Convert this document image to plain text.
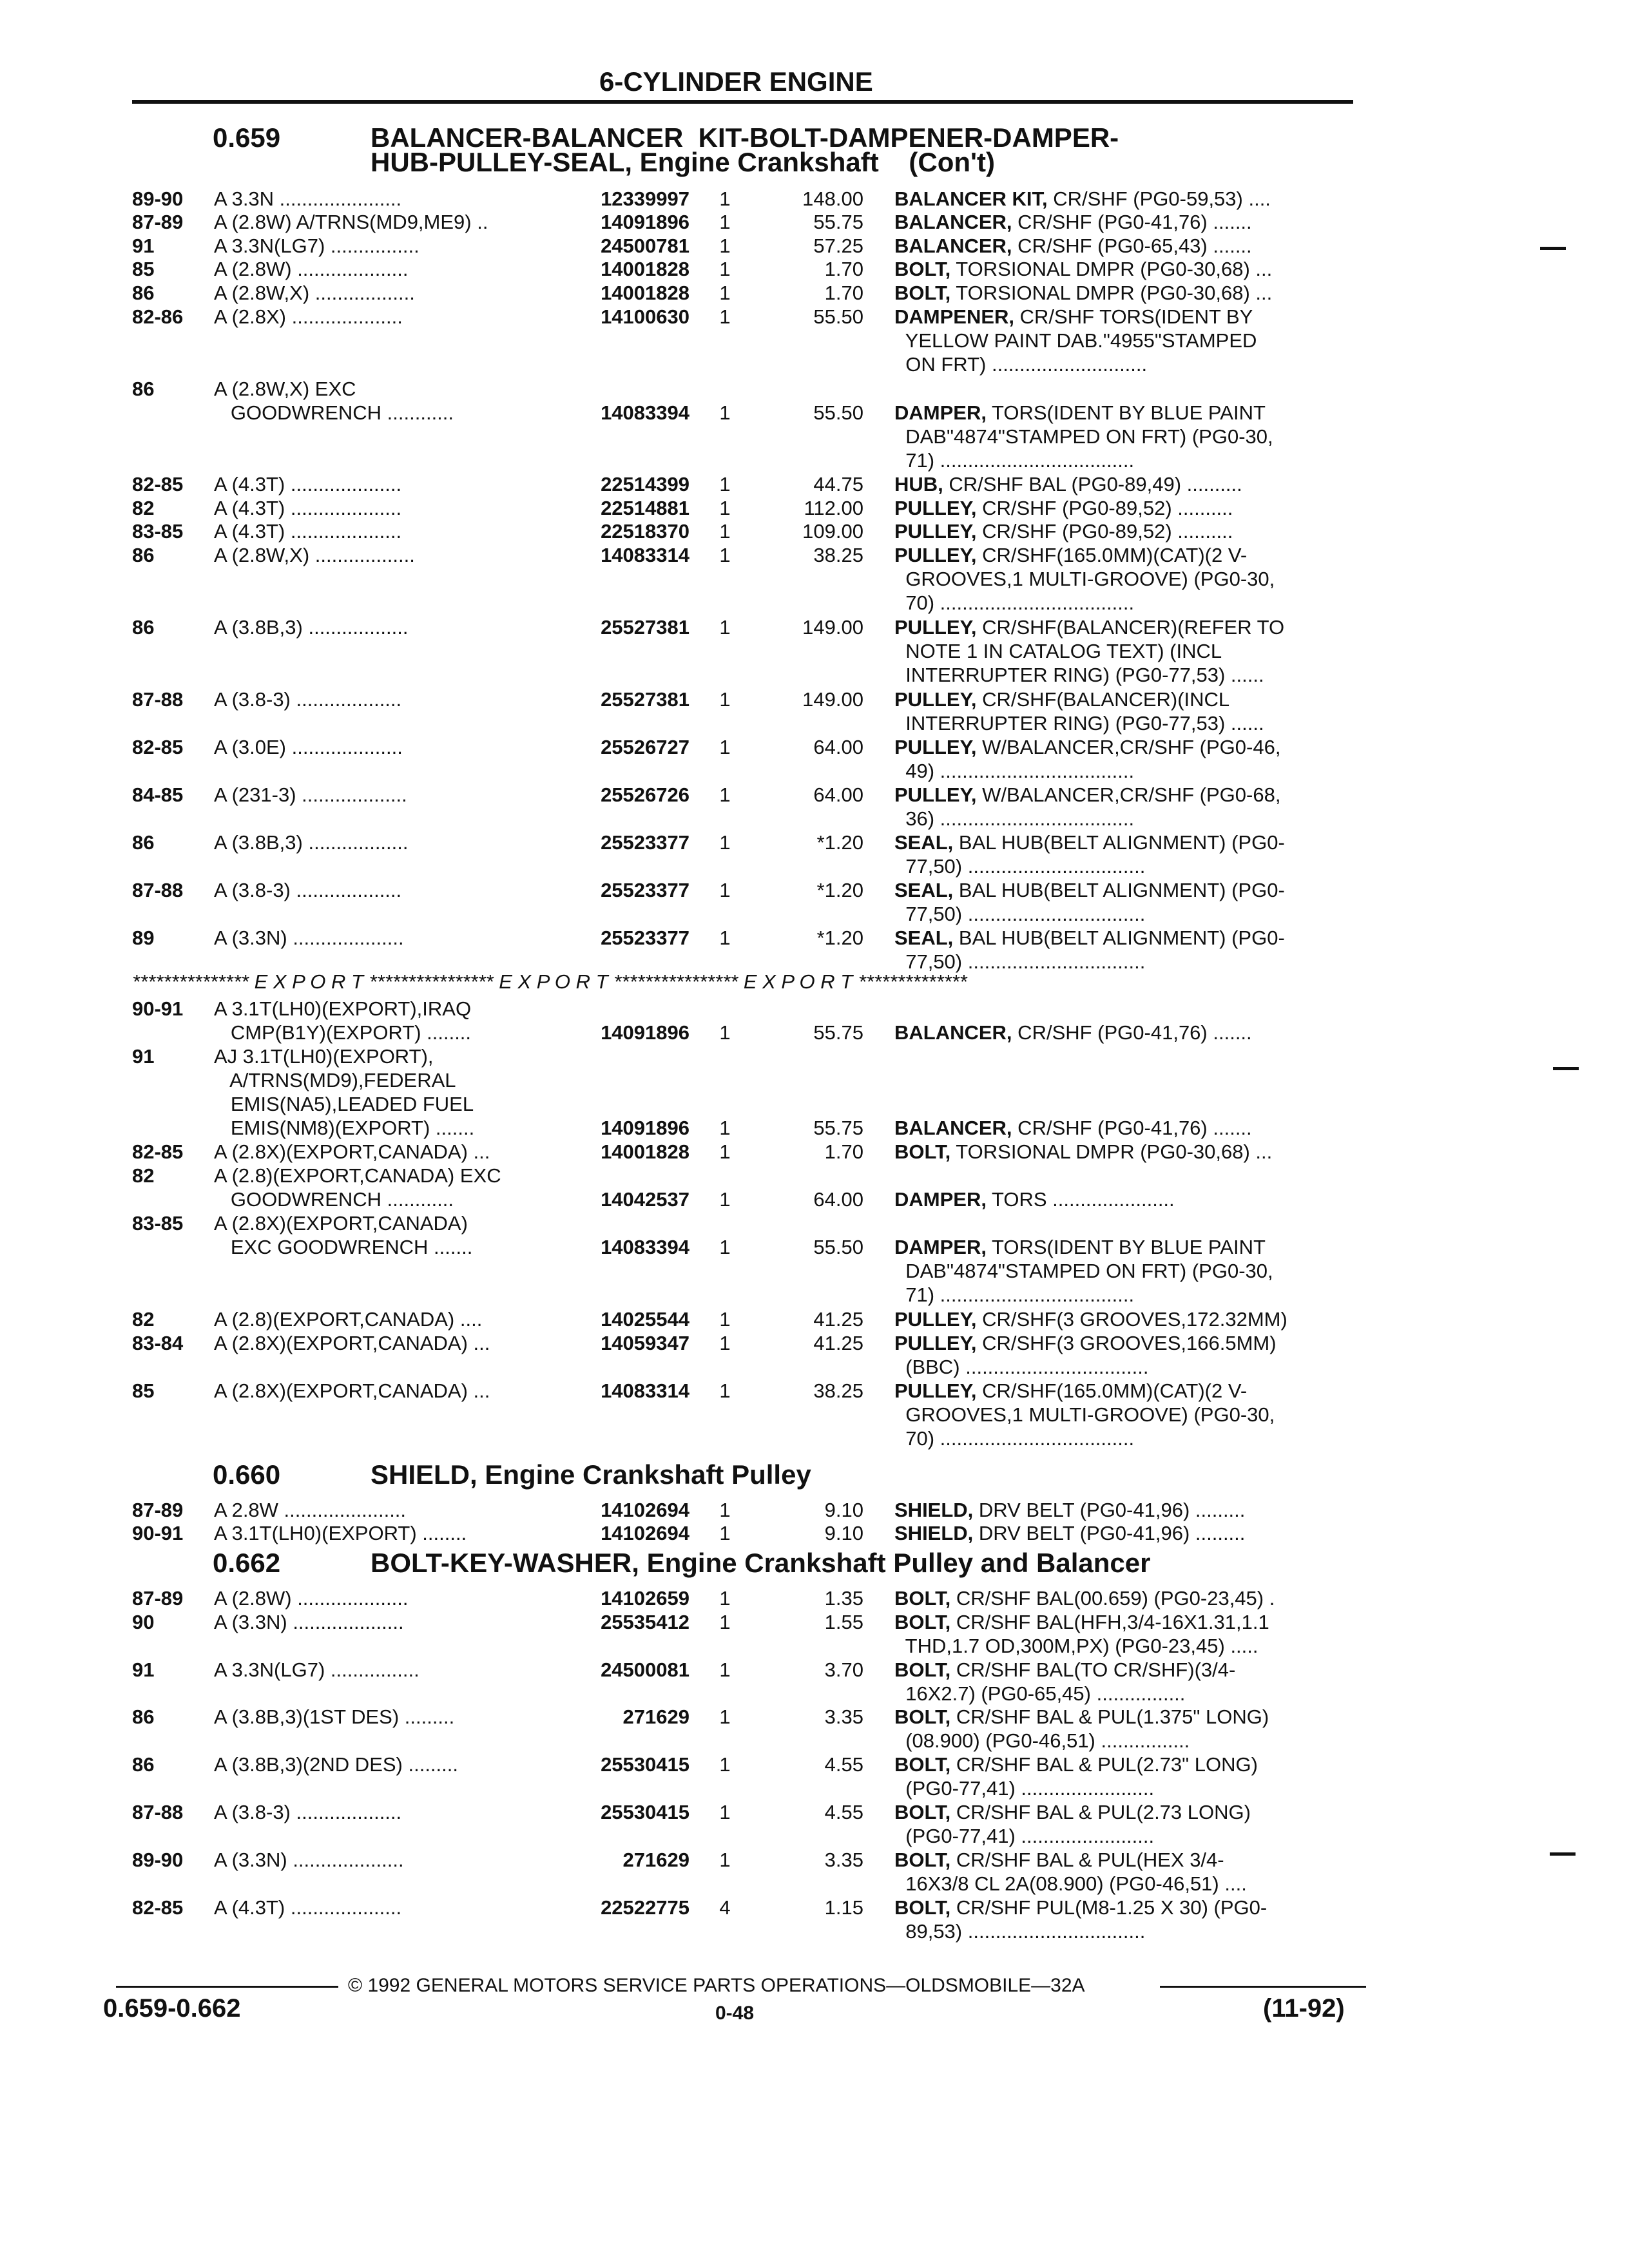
6-CYLINDER ENGINE
0.659	BALANCER-BALANCER  KIT-BOLT-DAMPENER-DAMPER-
HUB-PULLEY-SEAL, Engine Crankshaft    (Con't)
89-90 A 3.3N ......................	12339997 1	148.00 BALANCER KIT, CR/SHF (PG0-59,53) ....
87-89 A (2.8W) A/TRNS(MD9,ME9) ..	14091896 1	55.75 BALANCER, CR/SHF (PG0-41,76) .......
91	A 3.3N(LG7) ................	24500781 1	57.25 BALANCER, CR/SHF (PG0-65,43) .......
85	A (2.8W) ....................	14001828 1	1.70 BOLT, TORSIONAL DMPR (PG0-30,68) ...
86	A (2.8W,X) ..................	14001828 1	1.70 BOLT, TORSIONAL DMPR (PG0-30,68) ...
82-86 A (2.8X) ....................	14100630 1	55.50 DAMPENER, CR/SHF TORS(IDENT BY
YELLOW PAINT DAB."4955"STAMPED
ON FRT) ............................
86	A (2.8W,X) EXC
GOODWRENCH ............	14083394 1	55.50 DAMPER, TORS(IDENT BY BLUE PAINT
DAB"4874"STAMPED ON FRT) (PG0-30,
71) ...................................
82-85 A (4.3T) ....................	22514399 1	44.75 HUB, CR/SHF BAL (PG0-89,49) ..........
82	A (4.3T) ....................	22514881 1	112.00 PULLEY, CR/SHF (PG0-89,52) ..........
83-85 A (4.3T) ....................	22518370 1	109.00 PULLEY, CR/SHF (PG0-89,52) ..........
86	A (2.8W,X) ..................	14083314 1	38.25 PULLEY, CR/SHF(165.0MM)(CAT)(2 V-
GROOVES,1 MULTI-GROOVE) (PG0-30,
70) ...................................
86	A (3.8B,3) ..................	25527381 1	149.00 PULLEY, CR/SHF(BALANCER)(REFER TO
NOTE 1 IN CATALOG TEXT) (INCL
INTERRUPTER RING) (PG0-77,53) ......
87-88 A (3.8-3) ...................	25527381 1	149.00 PULLEY, CR/SHF(BALANCER)(INCL
INTERRUPTER RING) (PG0-77,53) ......
82-85 A (3.0E) ....................	25526727 1	64.00 PULLEY, W/BALANCER,CR/SHF (PG0-46,
49) ...................................
84-85 A (231-3) ...................	25526726 1	64.00 PULLEY, W/BALANCER,CR/SHF (PG0-68,
36) ...................................
86	A (3.8B,3) ..................	25523377 1	*1.20 SEAL, BAL HUB(BELT ALIGNMENT) (PG0-
77,50) ................................
87-88 A (3.8-3) ...................	25523377 1	*1.20 SEAL, BAL HUB(BELT ALIGNMENT) (PG0-
77,50) ................................
89	A (3.3N) ....................	25523377 1	*1.20 SEAL, BAL HUB(BELT ALIGNMENT) (PG0-
77,50) ................................
*************** E X P O R T **************** E X P O R T **************** E X P O R T **************
90-91 A 3.1T(LH0)(EXPORT),IRAQ
CMP(B1Y)(EXPORT) ........	14091896 1	55.75 BALANCER, CR/SHF (PG0-41,76) .......
91	AJ 3.1T(LH0)(EXPORT),
A/TRNS(MD9),FEDERAL
EMIS(NA5),LEADED FUEL
EMIS(NM8)(EXPORT) .......	14091896 1	55.75 BALANCER, CR/SHF (PG0-41,76) .......
82-85 A (2.8X)(EXPORT,CANADA) ...	14001828 1	1.70 BOLT, TORSIONAL DMPR (PG0-30,68) ...
82	A (2.8)(EXPORT,CANADA) EXC
GOODWRENCH ............	14042537 1	64.00 DAMPER, TORS ......................
83-85 A (2.8X)(EXPORT,CANADA)
EXC GOODWRENCH .......	14083394 1	55.50 DAMPER, TORS(IDENT BY BLUE PAINT
DAB"4874"STAMPED ON FRT) (PG0-30,
71) ...................................
82	A (2.8)(EXPORT,CANADA) ....	14025544 1	41.25 PULLEY, CR/SHF(3 GROOVES,172.32MM)
83-84 A (2.8X)(EXPORT,CANADA) ...	14059347 1	41.25 PULLEY, CR/SHF(3 GROOVES,166.5MM)
(BBC) .................................
85	A (2.8X)(EXPORT,CANADA) ...	14083314 1	38.25 PULLEY, CR/SHF(165.0MM)(CAT)(2 V-
GROOVES,1 MULTI-GROOVE) (PG0-30,
70) ...................................
0.660	SHIELD, Engine Crankshaft Pulley
87-89 A 2.8W ......................	14102694 1	9.10 SHIELD, DRV BELT (PG0-41,96) .........
90-91 A 3.1T(LH0)(EXPORT) ........	14102694 1	9.10 SHIELD, DRV BELT (PG0-41,96) .........
0.662	BOLT-KEY-WASHER, Engine Crankshaft Pulley and Balancer
87-89 A (2.8W) ....................	14102659 1	1.35 BOLT, CR/SHF BAL(00.659) (PG0-23,45) .
90	A (3.3N) ....................	25535412 1	1.55 BOLT, CR/SHF BAL(HFH,3/4-16X1.31,1.1
THD,1.7 OD,300M,PX) (PG0-23,45) .....
91	A 3.3N(LG7) ................	24500081 1	3.70 BOLT, CR/SHF BAL(TO CR/SHF)(3/4-
16X2.7) (PG0-65,45) ................
86	A (3.8B,3)(1ST DES) .........	271629 1	3.35 BOLT, CR/SHF BAL & PUL(1.375" LONG)
(08.900) (PG0-46,51) ................
86	A (3.8B,3)(2ND DES) .........	25530415 1	4.55 BOLT, CR/SHF BAL & PUL(2.73" LONG)
(PG0-77,41) ........................
87-88 A (3.8-3) ...................	25530415 1	4.55 BOLT, CR/SHF BAL & PUL(2.73 LONG)
(PG0-77,41) ........................
89-90 A (3.3N) ....................	271629 1	3.35 BOLT, CR/SHF BAL & PUL(HEX 3/4-
16X3/8 CL 2A(08.900) (PG0-46,51) ....
82-85 A (4.3T) ....................	22522775 4	1.15 BOLT, CR/SHF PUL(M8-1.25 X 30) (PG0-
89,53) ................................
© 1992 GENERAL MOTORS SERVICE PARTS OPERATIONS—OLDSMOBILE—32A
0.659-0.662	0-48	(11-92)
